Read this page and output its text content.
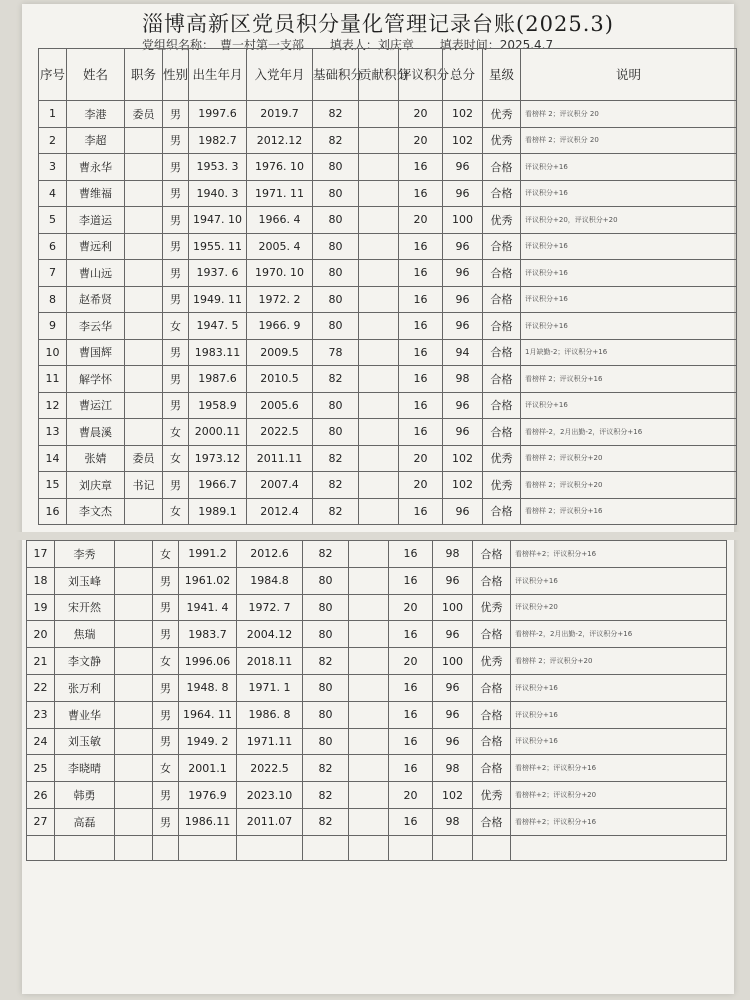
淄博高新区党员积分量化管理记录台账(2025.3)
党组织名称：　曹一村第一支部 填表人：刘庆章 填表时间：2025.4.7
序号	姓名	职务	性别	出生年月	入党年月	基础积分	贡献积分	评议积分	总分	星级	说明
1	李港	委员	男	1997.6	2019.7	82		20	102	优秀	看榜样 2；评议积分 20
2	李超		男	1982.7	2012.12	82		20	102	优秀	看榜样 2；评议积分 20
3	曹永华		男	1953. 3	1976. 10	80		16	96	合格	评议积分+16
4	曹维福		男	1940. 3	1971. 11	80		16	96	合格	评议积分+16
5	李道运		男	1947. 10	1966. 4	80		20	100	优秀	评议积分+20，评议积分+20
6	曹远利		男	1955. 11	2005. 4	80		16	96	合格	评议积分+16
7	曹山远		男	1937. 6	1970. 10	80		16	96	合格	评议积分+16
8	赵希贤		男	1949. 11	1972. 2	80		16	96	合格	评议积分+16
9	李云华		女	1947. 5	1966. 9	80		16	96	合格	评议积分+16
10	曹国辉		男	1983.11	2009.5	78		16	94	合格	1月缺勤-2；评议积分+16
11	解学怀		男	1987.6	2010.5	82		16	98	合格	看榜样 2；评议积分+16
12	曹运江		男	1958.9	2005.6	80		16	96	合格	评议积分+16
13	曹晨溪		女	2000.11	2022.5	80		16	96	合格	看榜样-2，2月出勤-2，评议积分+16
14	张婧	委员	女	1973.12	2011.11	82		20	102	优秀	看榜样 2；评议积分+20
15	刘庆章	书记	男	1966.7	2007.4	82		20	102	优秀	看榜样 2；评议积分+20
16	李文杰		女	1989.1	2012.4	82		16	96	合格	看榜样 2；评议积分+16
17	李秀		女	1991.2	2012.6	82		16	98	合格	看榜样+2；评议积分+16
18	刘玉峰		男	1961.02	1984.8	80		16	96	合格	评议积分+16
19	宋开然		男	1941. 4	1972. 7	80		20	100	优秀	评议积分+20
20	焦瑞		男	1983.7	2004.12	80		16	96	合格	看榜样-2，2月出勤-2，评议积分+16
21	李文静		女	1996.06	2018.11	82		20	100	优秀	看榜样 2；评议积分+20
22	张万利		男	1948. 8	1971. 1	80		16	96	合格	评议积分+16
23	曹业华		男	1964. 11	1986. 8	80		16	96	合格	评议积分+16
24	刘玉敏		男	1949. 2	1971.11	80		16	96	合格	评议积分+16
25	李晓晴		女	2001.1	2022.5	82		16	98	合格	看榜样+2；评议积分+16
26	韩勇		男	1976.9	2023.10	82		20	102	优秀	看榜样+2；评议积分+20
27	高磊		男	1986.11	2011.07	82		16	98	合格	看榜样+2；评议积分+16
